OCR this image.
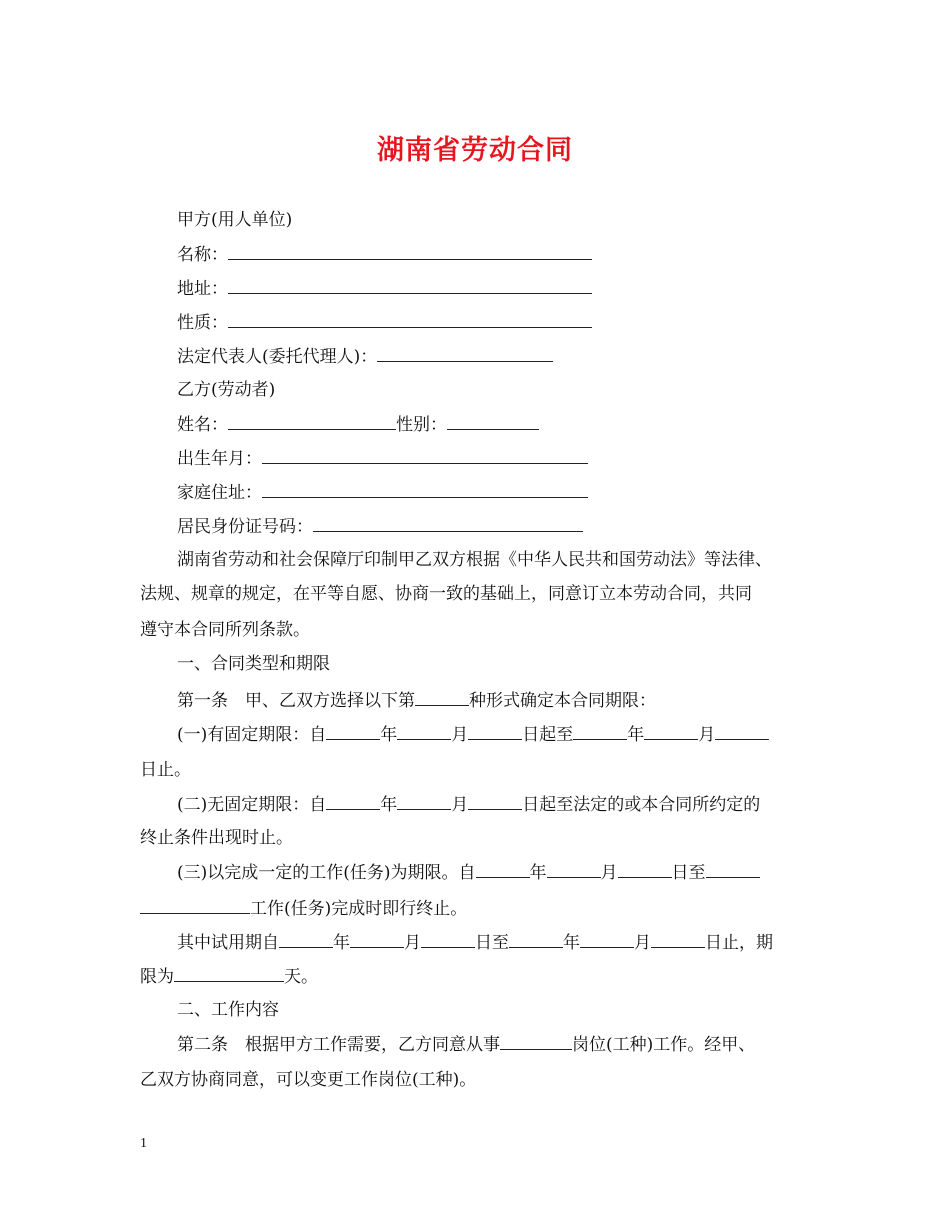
湖南省劳动合同
甲方(用人单位)
名称：
地址：
性质：
法定代表人(委托代理人)：
乙方(劳动者)
姓名：	性别：
出生年月：
家庭住址：
居民身份证号码：
湖南省劳动和社会保障厅印制甲乙双方根据《中华人民共和国劳动法》等法律、
法规、规章的规定，在平等自愿、协商一致的基础上，同意订立本劳动合同，共同
遵守本合同所列条款。
一、合同类型和期限
第一条　甲、乙双方选择以下第	种形式确定本合同期限：
(一)有固定期限：自	年	月	日起至	年	月
日止。
(二)无固定期限：自	年	月	日起至法定的或本合同所约定的
终止条件出现时止。
(三)以完成一定的工作(任务)为期限。自	年	月	日至
工作(任务)完成时即行终止。
其中试用期自	年	月	日至	年	月	日止，期
限为	天。
二、工作内容
第二条　根据甲方工作需要，乙方同意从事	岗位(工种)工作。经甲、
乙双方协商同意，可以变更工作岗位(工种)。
1
